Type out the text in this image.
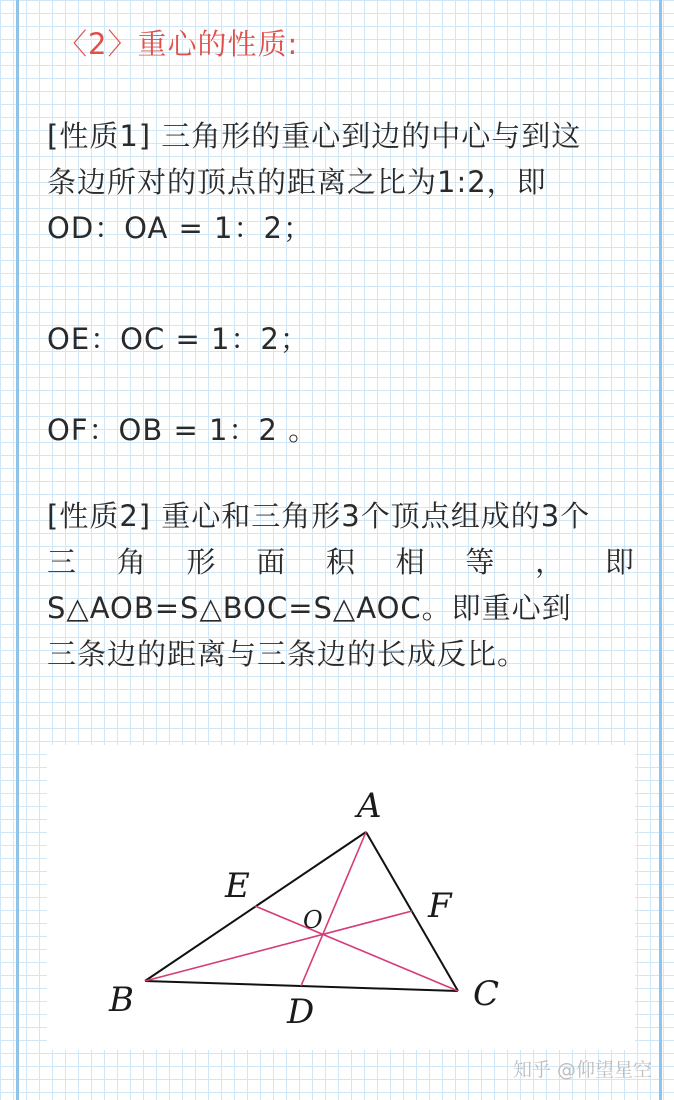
〈2〉重心的性质:
[性质1] 三角形的重心到边的中心与到这
条边所对的顶点的距离之比为1:2，即
OD：OA = 1：2；
OE：OC = 1：2；
OF：OB = 1：2 。
[性质2] 重心和三角形3个顶点组成的3个
三 角 形 面 积 相 等 ， 即
S△AOB=S△BOC=S△AOC。即重心到
三条边的距离与三条边的长成反比。
A
B	C
D
E	F
O
知乎 @仰望星空
